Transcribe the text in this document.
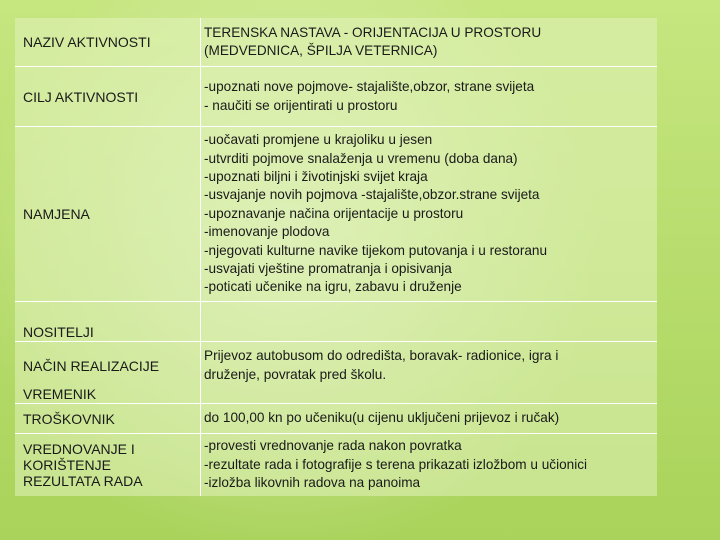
NAZIV AKTIVNOSTI
TERENSKA NASTAVA - ORIJENTACIJA U PROSTORU
(MEDVEDNICA, ŠPILJA VETERNICA)
CILJ AKTIVNOSTI
-upoznati nove pojmove- stajalište,obzor, strane svijeta
- naučiti se orijentirati u prostoru
NAMJENA
-uočavati promjene u krajoliku u jesen
-utvrditi pojmove snalaženja u vremenu (doba dana)
-upoznati biljni i životinjski svijet kraja
-usvajanje novih pojmova -stajalište,obzor.strane svijeta
-upoznavanje načina orijentacije u prostoru
-imenovanje plodova
-njegovati kulturne navike tijekom putovanja i u restoranu
-usvajati vještine promatranja i opisivanja
-poticati učenike na igru, zabavu i druženje
NOSITELJI
NAČIN REALIZACIJE
Prijevoz autobusom do odredišta, boravak- radionice, igra i
druženje, povratak pred školu.
VREMENIK
TROŠKOVNIK	do 100,00 kn po učeniku(u cijenu uključeni prijevoz i ručak)
VREDNOVANJE I
KORIŠTENJE
REZULTATA RADA
-provesti vrednovanje rada nakon povratka
-rezultate rada i fotografije s terena prikazati izložbom u učionici
-izložba likovnih radova na panoima
